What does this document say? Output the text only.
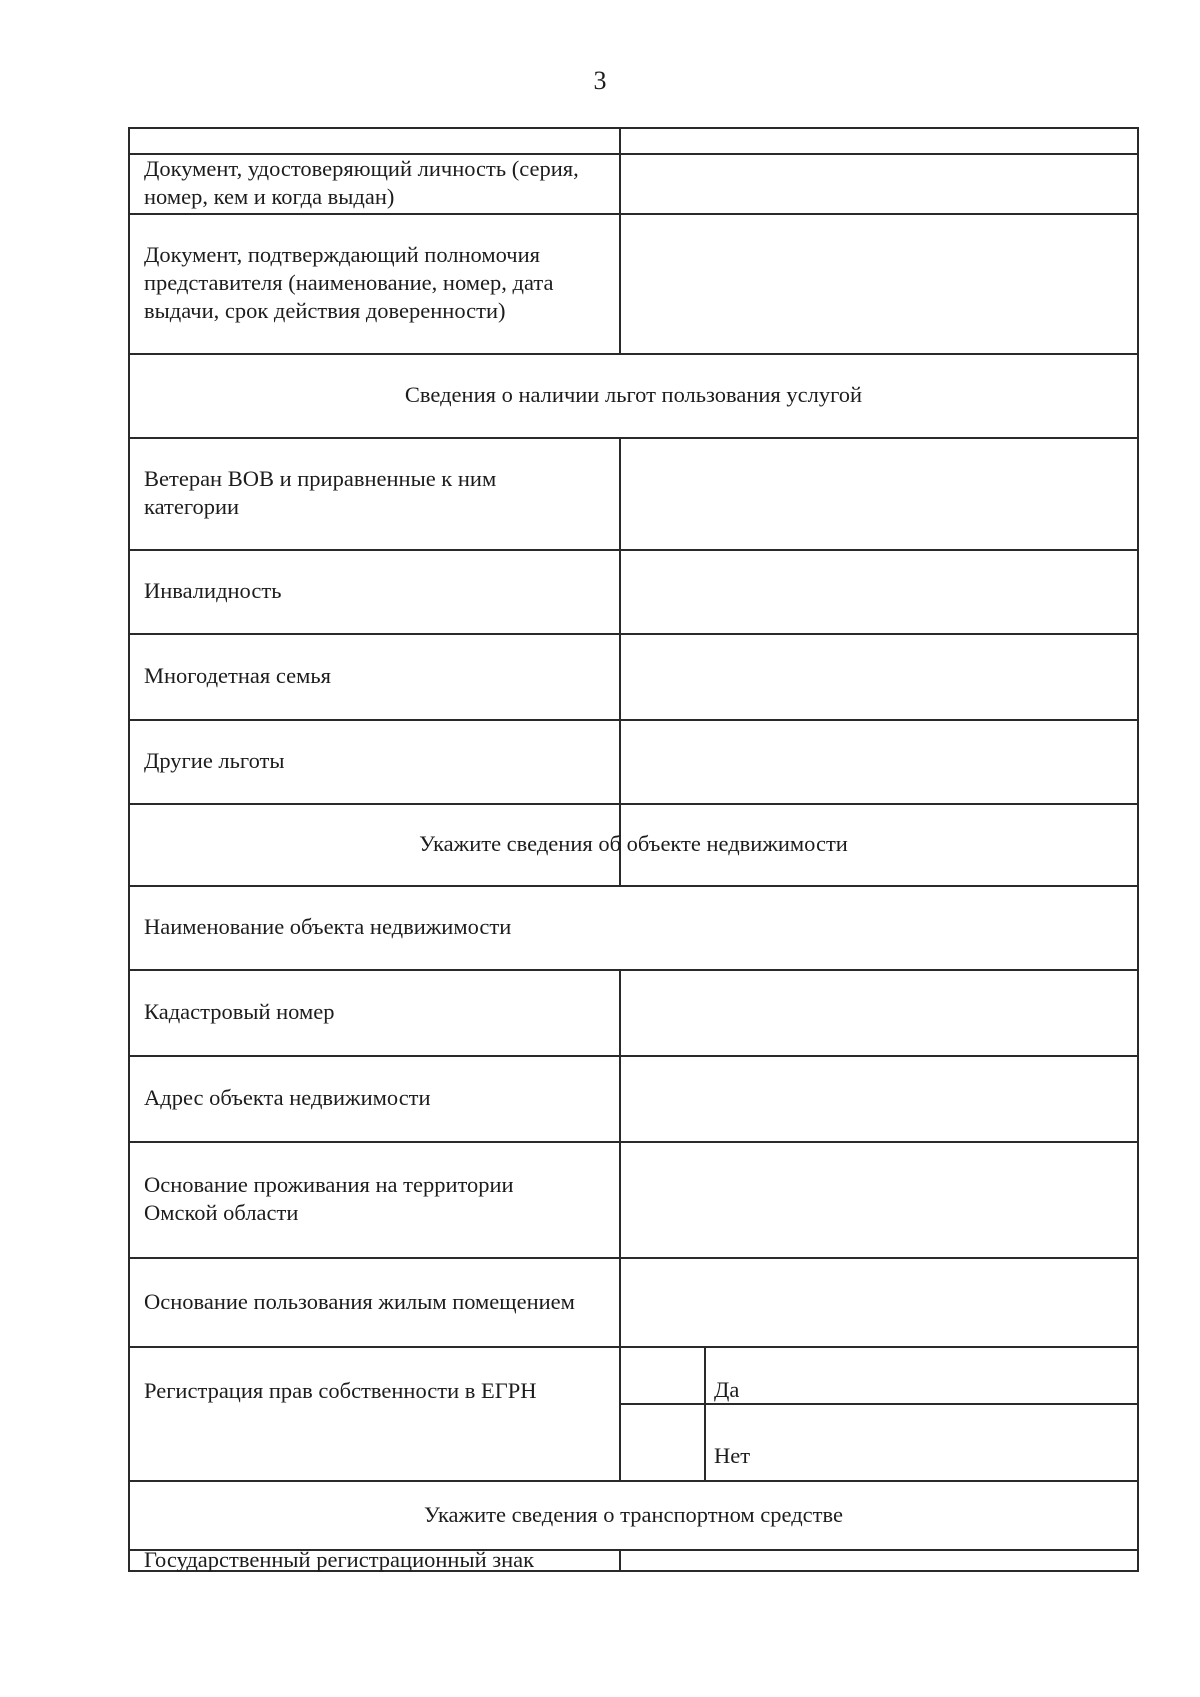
3
Документ, удостоверяющий личность (серия, номер, кем и когда выдан)
Документ, подтверждающий полномочия представителя (наименование, номер, дата выдачи, срок действия доверенности)
Сведения о наличии льгот пользования услугой
Ветеран ВОВ и приравненные к ним категории
Инвалидность
Многодетная семья
Другие льготы
Укажите сведения об объекте недвижимости
Наименование объекта недвижимости
Кадастровый номер
Адрес объекта недвижимости
Основание проживания на территории Омской области
Основание пользования жилым помещением
Регистрация прав собственности в ЕГРН	Да
Нет
Укажите сведения о транспортном средстве
Государственный регистрационный знак
